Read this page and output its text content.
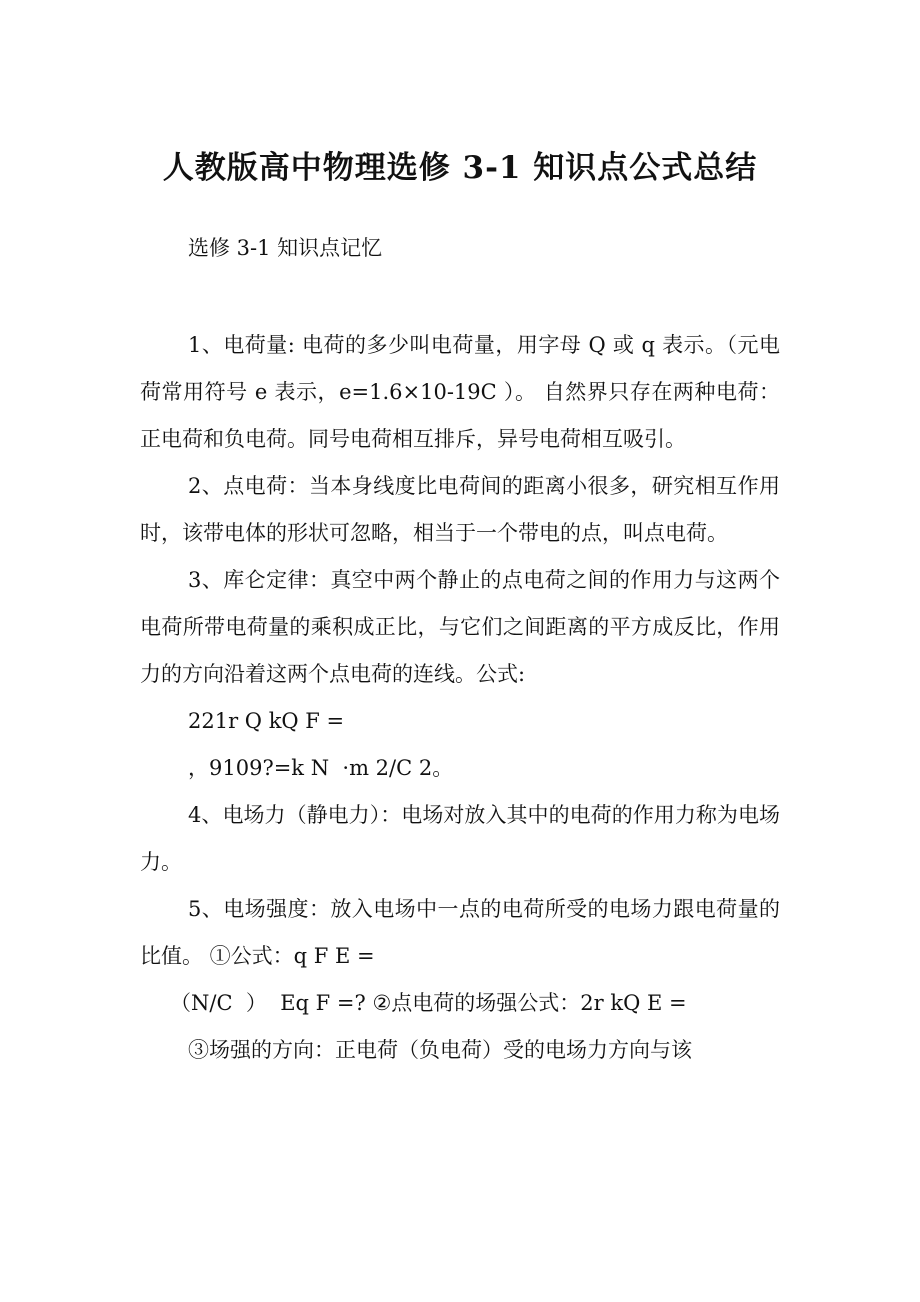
人教版高中物理选修 3-1 知识点公式总结
选修 3-1 知识点记忆

1、电荷量: 电荷的多少叫电荷量，用字母 Q 或 q 表示。（元电荷常用符号 e 表示，e=1.6×10-19C ）。 自然界只存在两种电荷：正电荷和负电荷。同号电荷相互排斥，异号电荷相互吸引。

2、点电荷：当本身线度比电荷间的距离小很多，研究相互作用时，该带电体的形状可忽略，相当于一个带电的点，叫点电荷。

3、库仑定律：真空中两个静止的点电荷之间的作用力与这两个电荷所带电荷量的乘积成正比，与它们之间距离的平方成反比，作用力的方向沿着这两个点电荷的连线。公式:

221r Q kQ F =

，9109?=k N  ·m 2/C 2。

4、电场力（静电力）：电场对放入其中的电荷的作用力称为电场力。

5、电场强度：放入电场中一点的电荷所受的电场力跟电荷量的比值。 ①公式：q F E =

（N/C  ）  Eq F =? ②点电荷的场强公式：2r kQ E =

③场强的方向：正电荷（负电荷）受的电场力方向与该
